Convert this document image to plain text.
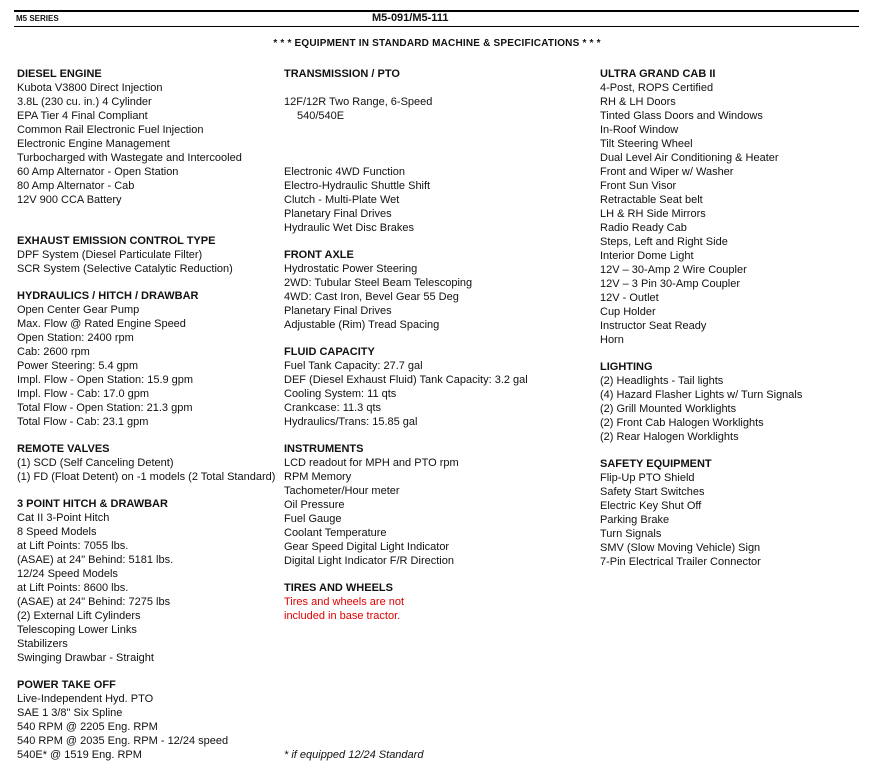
M5 SERIES	M5-091/M5-111
* * * EQUIPMENT IN STANDARD MACHINE & SPECIFICATIONS * * *
DIESEL ENGINE
Kubota V3800 Direct Injection
3.8L (230 cu. in.) 4 Cylinder
EPA Tier 4 Final Compliant
Common Rail Electronic Fuel Injection
Electronic Engine Management
Turbocharged with Wastegate and Intercooled
60 Amp Alternator - Open Station
80 Amp Alternator - Cab
12V 900 CCA Battery
EXHAUST EMISSION CONTROL TYPE
DPF System (Diesel Particulate Filter)
SCR System (Selective Catalytic Reduction)
HYDRAULICS / HITCH / DRAWBAR
Open Center Gear Pump
Max. Flow @ Rated Engine Speed
Open Station: 2400 rpm
Cab: 2600 rpm
Power Steering: 5.4 gpm
Impl. Flow - Open Station: 15.9 gpm
Impl. Flow - Cab: 17.0 gpm
Total Flow - Open Station: 21.3 gpm
Total Flow - Cab: 23.1 gpm
REMOTE VALVES
(1) SCD (Self Canceling Detent)
(1) FD (Float Detent) on -1 models (2 Total Standard)
3 POINT HITCH & DRAWBAR
Cat II 3-Point Hitch
8 Speed Models
at Lift Points: 7055 lbs.
(ASAE) at 24" Behind: 5181 lbs.
12/24 Speed Models
at Lift Points: 8600 lbs.
(ASAE) at 24" Behind: 7275 lbs
(2) External Lift Cylinders
Telescoping Lower Links
Stabilizers
Swinging Drawbar - Straight
POWER TAKE OFF
Live-Independent Hyd. PTO
SAE 1 3/8" Six Spline
540 RPM @ 2205 Eng. RPM
540 RPM @ 2035 Eng. RPM - 12/24 speed
540E* @ 1519 Eng. RPM
TRANSMISSION / PTO
12F/12R Two Range, 6-Speed
540/540E
Electronic 4WD Function
Electro-Hydraulic Shuttle Shift
Clutch - Multi-Plate Wet
Planetary Final Drives
Hydraulic Wet Disc Brakes
FRONT AXLE
Hydrostatic Power Steering
2WD: Tubular Steel Beam Telescoping
4WD: Cast Iron, Bevel Gear 55 Deg
Planetary Final Drives
Adjustable (Rim) Tread Spacing
FLUID CAPACITY
Fuel Tank Capacity: 27.7 gal
DEF (Diesel Exhaust Fluid) Tank Capacity: 3.2 gal
Cooling System: 11 qts
Crankcase: 11.3 qts
Hydraulics/Trans: 15.85 gal
INSTRUMENTS
LCD readout for MPH and PTO rpm
RPM Memory
Tachometer/Hour meter
Oil Pressure
Fuel Gauge
Coolant Temperature
Gear Speed Digital Light Indicator
Digital Light Indicator F/R Direction
TIRES AND WHEELS
Tires and wheels are not
included in base tractor.
* if equipped 12/24 Standard
ULTRA GRAND CAB II
4-Post, ROPS Certified
RH & LH Doors
Tinted Glass Doors and Windows
In-Roof Window
Tilt Steering Wheel
Dual Level Air Conditioning & Heater
Front and Wiper w/ Washer
Front Sun Visor
Retractable Seat belt
LH & RH Side Mirrors
Radio Ready Cab
Steps, Left and Right Side
Interior Dome Light
12V – 30-Amp 2 Wire Coupler
12V – 3 Pin 30-Amp Coupler
12V - Outlet
Cup Holder
Instructor Seat Ready
Horn
LIGHTING
(2) Headlights - Tail lights
(4) Hazard Flasher Lights w/ Turn Signals
(2) Grill Mounted Worklights
(2) Front Cab Halogen Worklights
(2) Rear Halogen Worklights
SAFETY EQUIPMENT
Flip-Up PTO Shield
Safety Start Switches
Electric Key Shut Off
Parking Brake
Turn Signals
SMV (Slow Moving Vehicle) Sign
7-Pin Electrical Trailer Connector
